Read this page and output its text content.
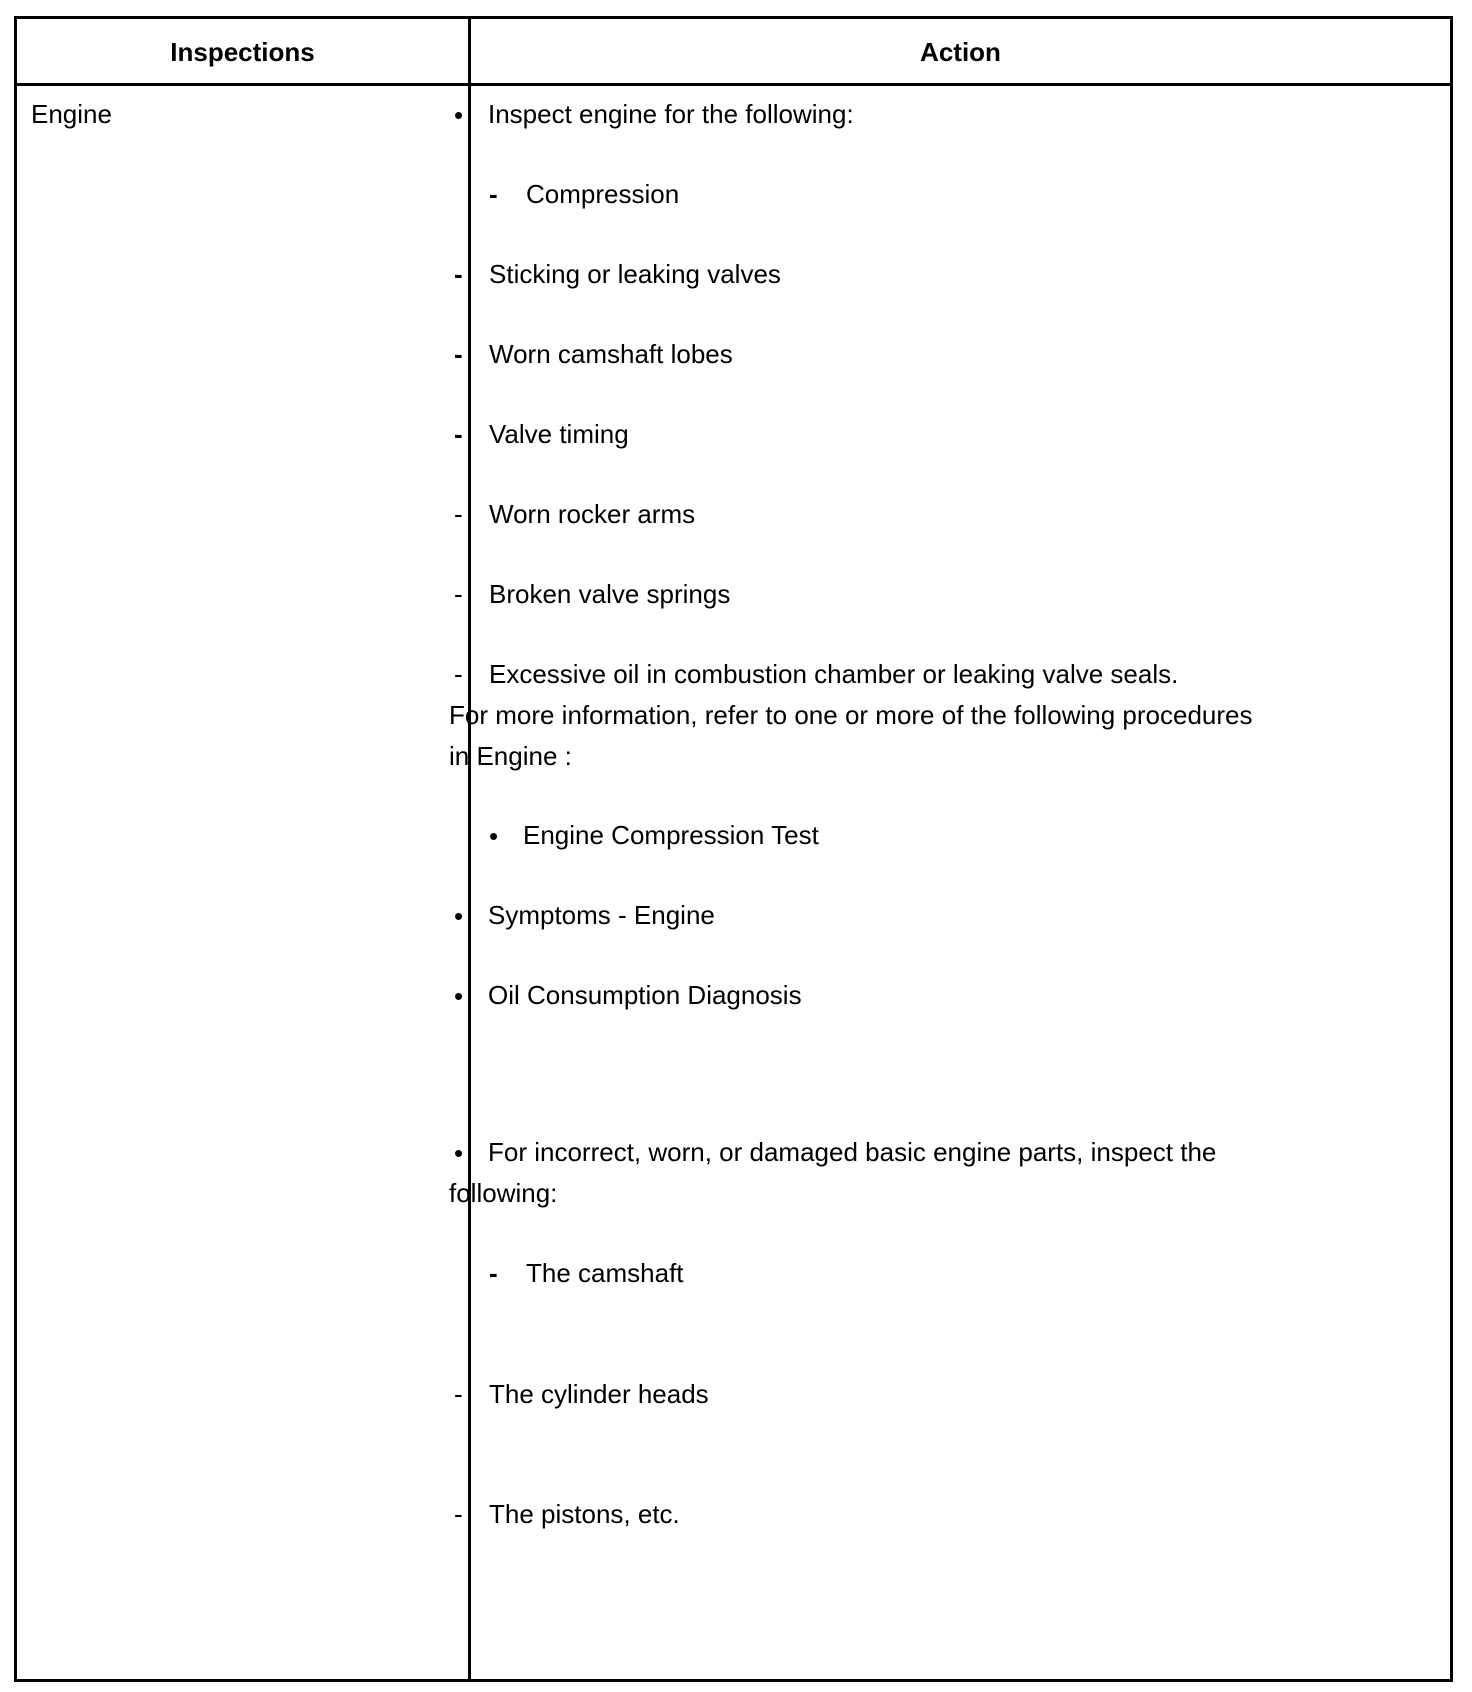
Inspections	Action
Engine	• Inspect engine for the following:
- Compression
- Sticking or leaking valves
- Worn camshaft lobes
- Valve timing
- Worn rocker arms
- Broken valve springs
- Excessive oil in combustion chamber or leaking valve seals.
For more information, refer to one or more of the following procedures
in Engine :
• Engine Compression Test
• Symptoms - Engine
• Oil Consumption Diagnosis
• For incorrect, worn, or damaged basic engine parts, inspect the
following:
- The camshaft
- The cylinder heads
- The pistons, etc.
